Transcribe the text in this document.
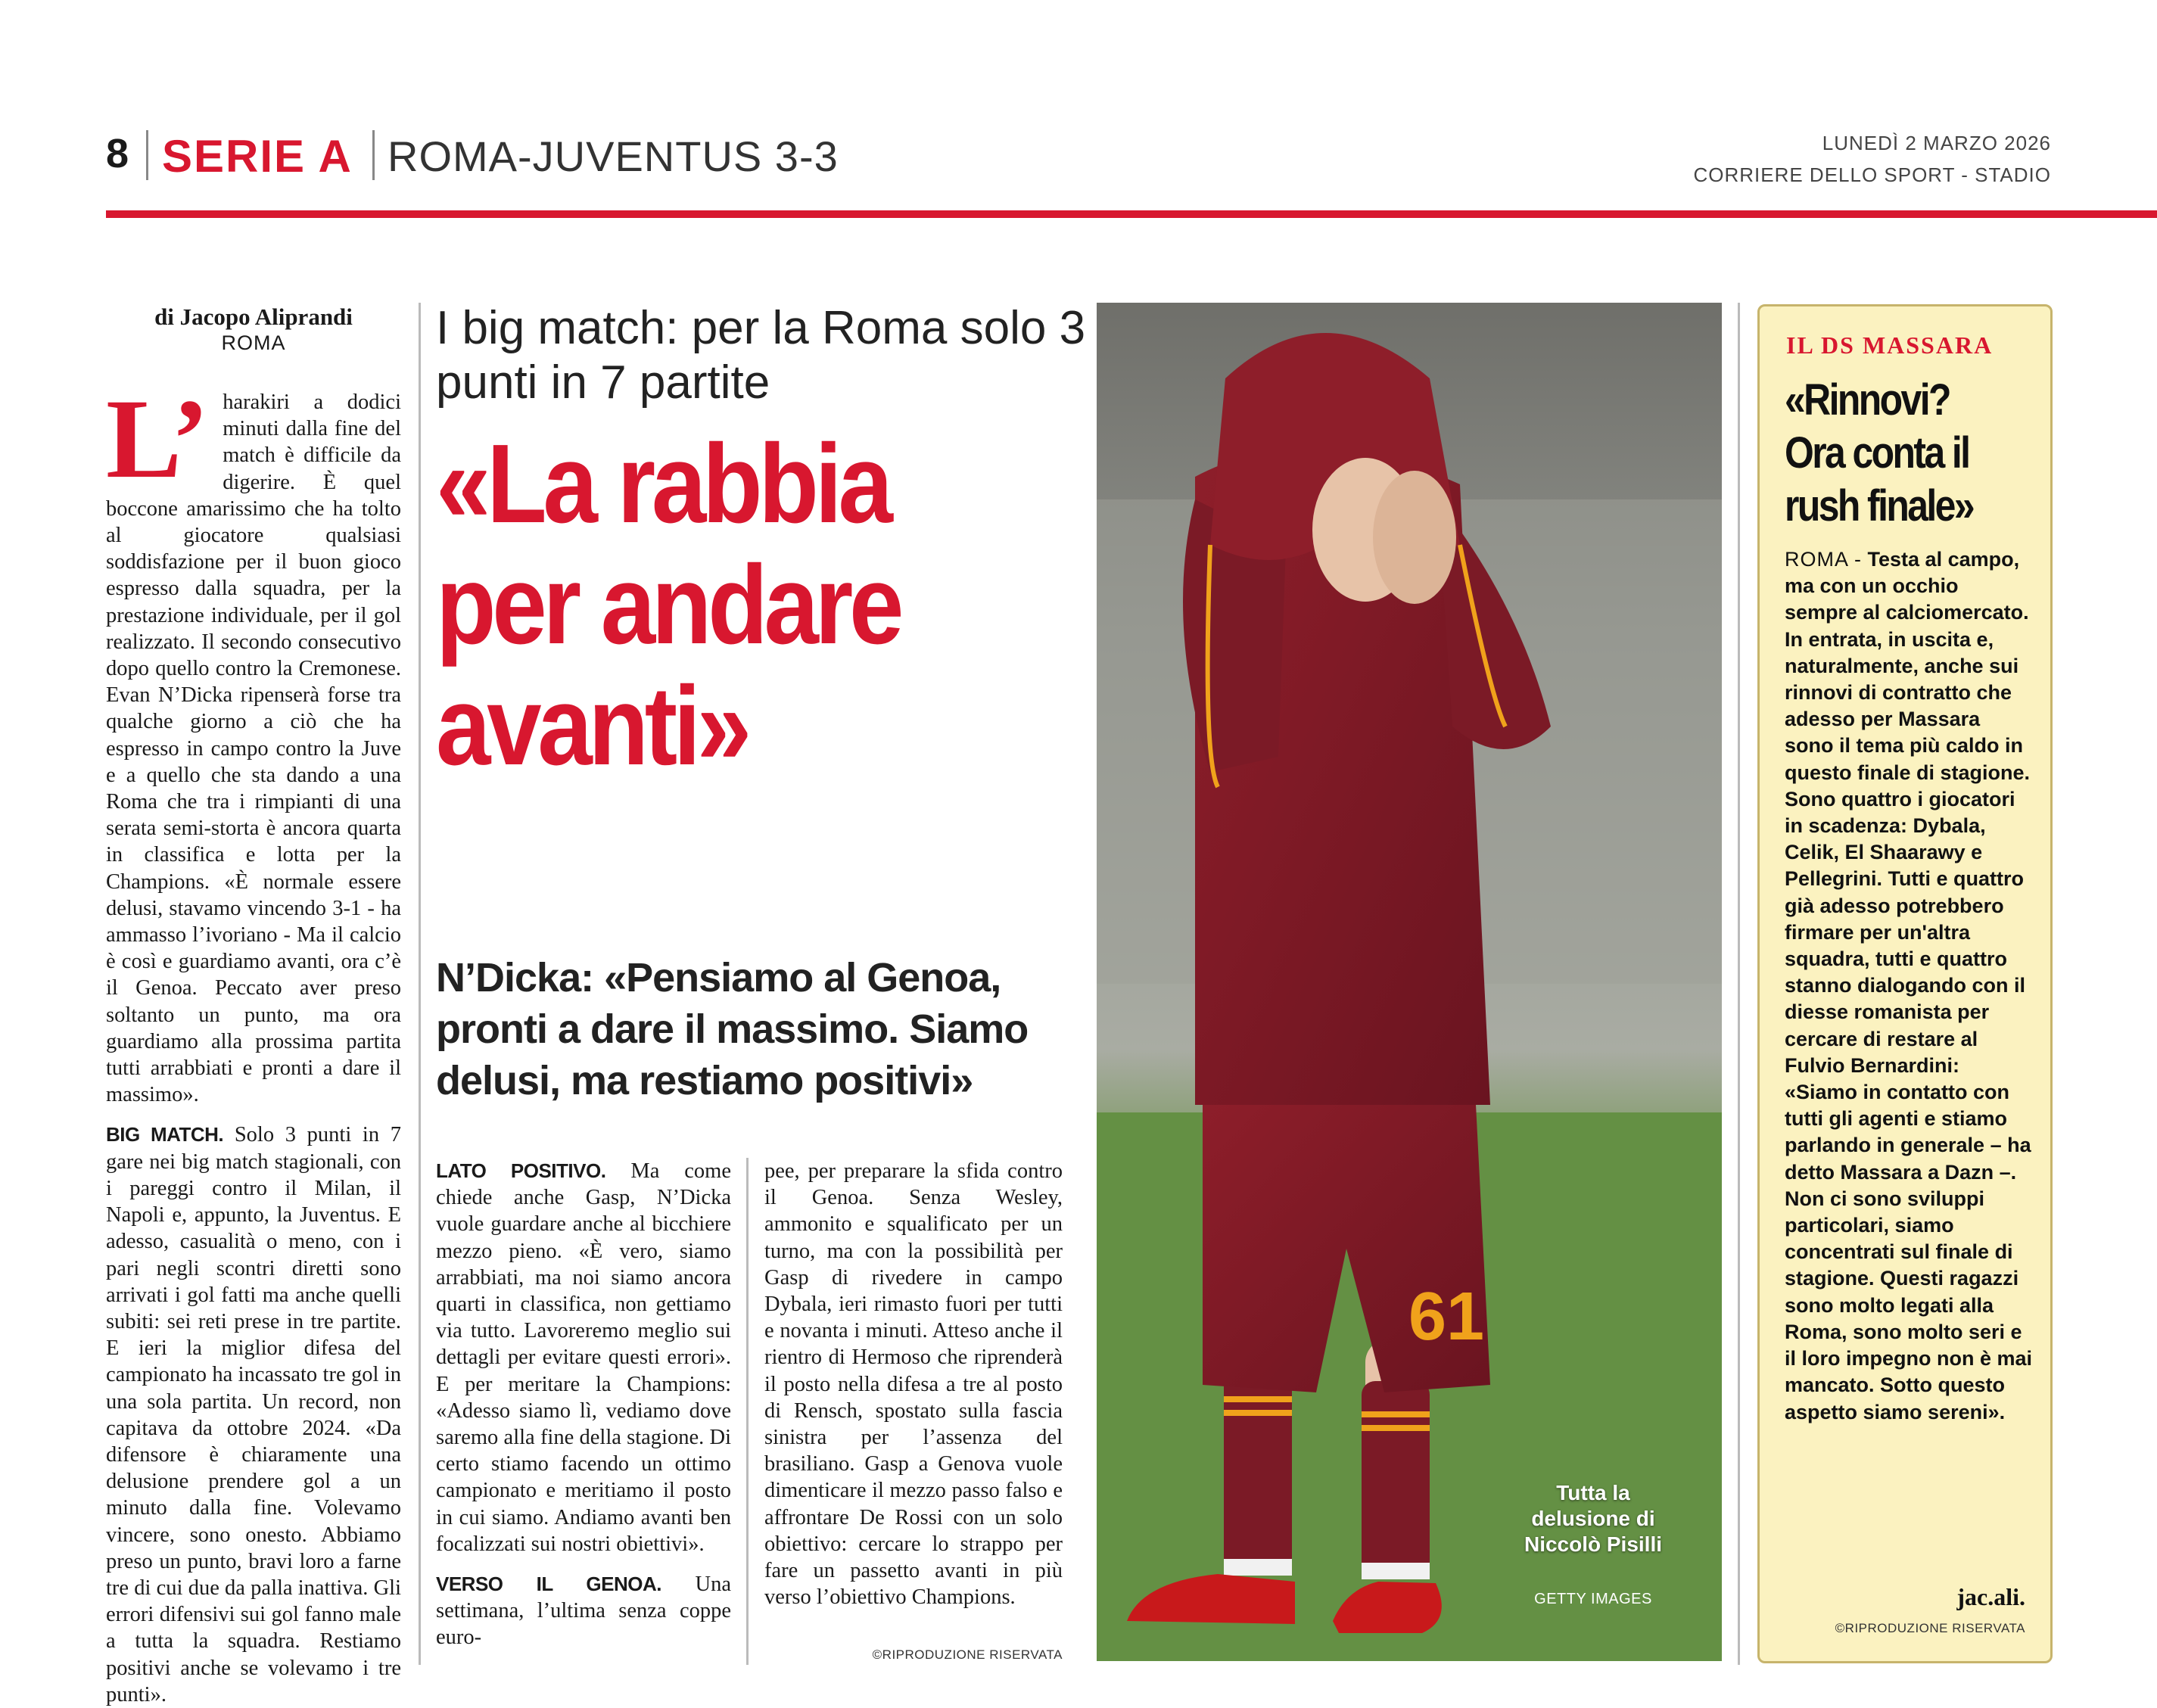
8 SERIE A ROMA-JUVENTUS 3-3	LUNEDÌ 2 MARZO 2026
CORRIERE DELLO SPORT - STADIO
di Jacopo Aliprandi
ROMA

L’ harakiri a dodici minuti dalla fine del match è difficile da digerire. È quel boccone amarissimo che ha tolto al giocatore qualsiasi soddisfazione per il buon gioco espresso dalla squadra, per la prestazione individuale, per il gol realizzato. Il secondo consecutivo dopo quello contro la Cremonese. Evan N’Dicka ripenserà forse tra qualche giorno a ciò che ha espresso in campo contro la Juve e a quello che sta dando a una Roma che tra i rimpianti di una serata semi-storta è ancora quarta in classifica e lotta per la Champions. «È normale essere delusi, stavamo vincendo 3-1 - ha ammasso l’ivoriano - Ma il calcio è così e guardiamo avanti, ora c’è il Genoa. Peccato aver preso soltanto un punto, ma ora guardiamo alla prossima partita tutti arrabbiati e pronti a dare il massimo».

BIG MATCH. Solo 3 punti in 7 gare nei big match stagionali, con i pareggi contro il Milan, il Napoli e, appunto, la Juventus. E adesso, casualità o meno, con i pari negli scontri diretti sono arrivati i gol fatti ma anche quelli subiti: sei reti prese in tre partite. E ieri la miglior difesa del campionato ha incassato tre gol in una sola partita. Un record, non capitava da ottobre 2024. «Da difensore è chiaramente una delusione prendere gol a un minuto dalla fine. Volevamo vincere, sono onesto. Abbiamo preso un punto, bravi loro a farne tre di cui due da palla inattiva. Gli errori difensivi sui gol fanno male a tutta la squadra. Restiamo positivi anche se volevamo i tre punti».

I big match: per la Roma solo 3 punti in 7 partite
«La rabbia per andare avanti»
N’Dicka: «Pensiamo al Genoa, pronti a dare il massimo. Siamo delusi, ma restiamo positivi»

LATO POSITIVO. Ma come chiede anche Gasp, N’Dicka vuole guardare anche al bicchiere mezzo pieno. «È vero, siamo arrabbiati, ma noi siamo ancora quarti in classifica, non gettiamo via tutto. Lavoreremo meglio sui dettagli per evitare questi errori». E per meritare la Champions: «Adesso siamo lì, vediamo dove saremo alla fine della stagione. Di certo stiamo facendo un ottimo campionato e meritiamo il posto in cui siamo. Andiamo avanti ben focalizzati sui nostri obiettivi».

VERSO IL GENOA. Una settimana, l’ultima senza coppe euro-

pee, per preparare la sfida contro il Genoa. Senza Wesley, ammonito e squalificato per un turno, ma con la possibilità per Gasp di rivedere in campo Dybala, ieri rimasto fuori per tutti e novanta i minuti. Atteso anche il rientro di Hermoso che riprenderà il posto nella difesa a tre al posto di Rensch, spostato sulla fascia sinistra per l’assenza del brasiliano. Gasp a Genova vuole dimenticare il mezzo passo falso e affrontare De Rossi con un solo obiettivo: cercare lo strappo per fare un passetto avanti in più verso l’obiettivo Champions.

©RIPRODUZIONE RISERVATA
61
Tutta la delusione di Niccolò Pisilli
GETTY IMAGES
IL DS MASSARA
«Rinnovi? Ora conta il rush finale»
ROMA - Testa al campo, ma con un occhio sempre al calciomercato. In entrata, in uscita e, naturalmente, anche sui rinnovi di contratto che adesso per Massara sono il tema più caldo in questo finale di stagione. Sono quattro i giocatori in scadenza: Dybala, Celik, El Shaarawy e Pellegrini. Tutti e quattro già adesso potrebbero firmare per un'altra squadra, tutti e quattro stanno dialogando con il diesse romanista per cercare di restare al Fulvio Bernardini: «Siamo in contatto con tutti gli agenti e stiamo parlando in generale – ha detto Massara a Dazn –. Non ci sono sviluppi particolari, siamo concentrati sul finale di stagione. Questi ragazzi sono molto legati alla Roma, sono molto seri e il loro impegno non è mai mancato. Sotto questo aspetto siamo sereni».
jac.ali.
©RIPRODUZIONE RISERVATA
